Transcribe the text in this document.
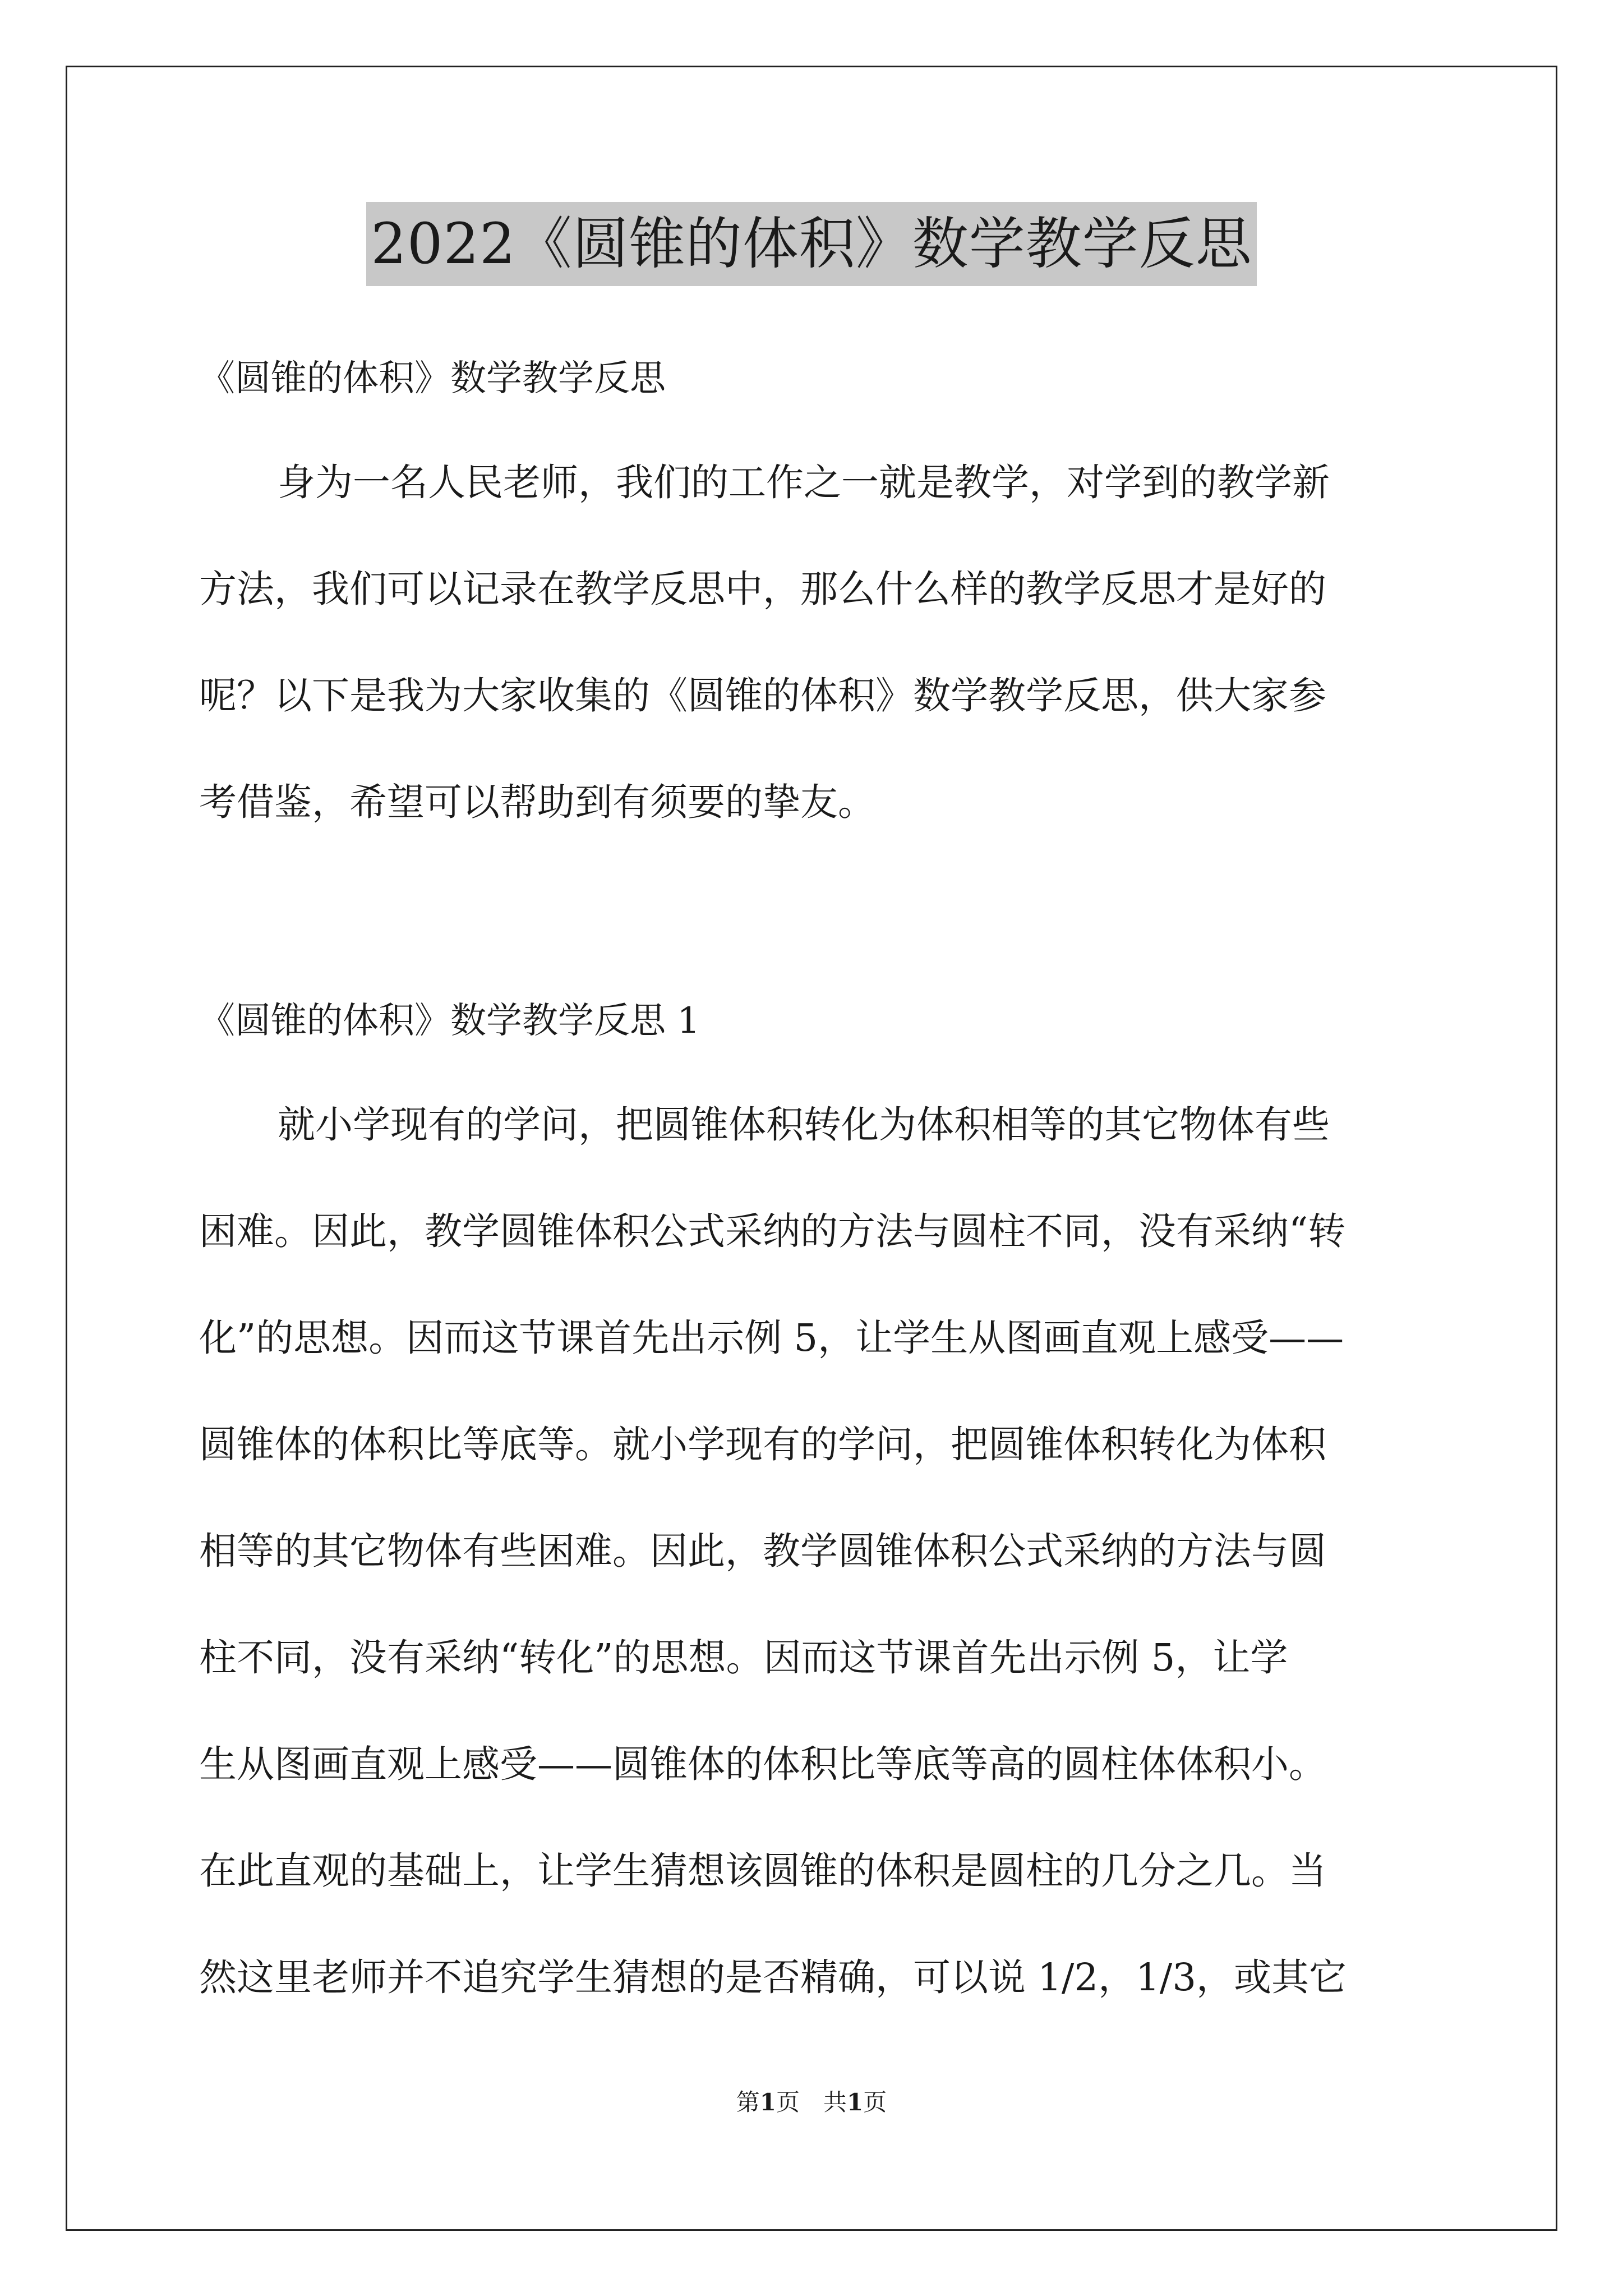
2022《圆锥的体积》数学教学反思
《圆锥的体积》数学教学反思
身为一名人民老师，我们的工作之一就是教学，对学到的教学新
方法，我们可以记录在教学反思中，那么什么样的教学反思才是好的
呢？以下是我为大家收集的《圆锥的体积》数学教学反思，供大家参
考借鉴，希望可以帮助到有须要的挚友。
《圆锥的体积》数学教学反思 1
就小学现有的学问，把圆锥体积转化为体积相等的其它物体有些
困难。因此，教学圆锥体积公式采纳的方法与圆柱不同，没有采纳“转
化”的思想。因而这节课首先出示例 5，让学生从图画直观上感受——
圆锥体的体积比等底等。就小学现有的学问，把圆锥体积转化为体积
相等的其它物体有些困难。因此，教学圆锥体积公式采纳的方法与圆
柱不同，没有采纳“转化”的思想。因而这节课首先出示例 5，让学
生从图画直观上感受——圆锥体的体积比等底等高的圆柱体体积小。
在此直观的基础上，让学生猜想该圆锥的体积是圆柱的几分之几。当
然这里老师并不追究学生猜想的是否精确，可以说 1/2，1/3，或其它
第1页 共1页
